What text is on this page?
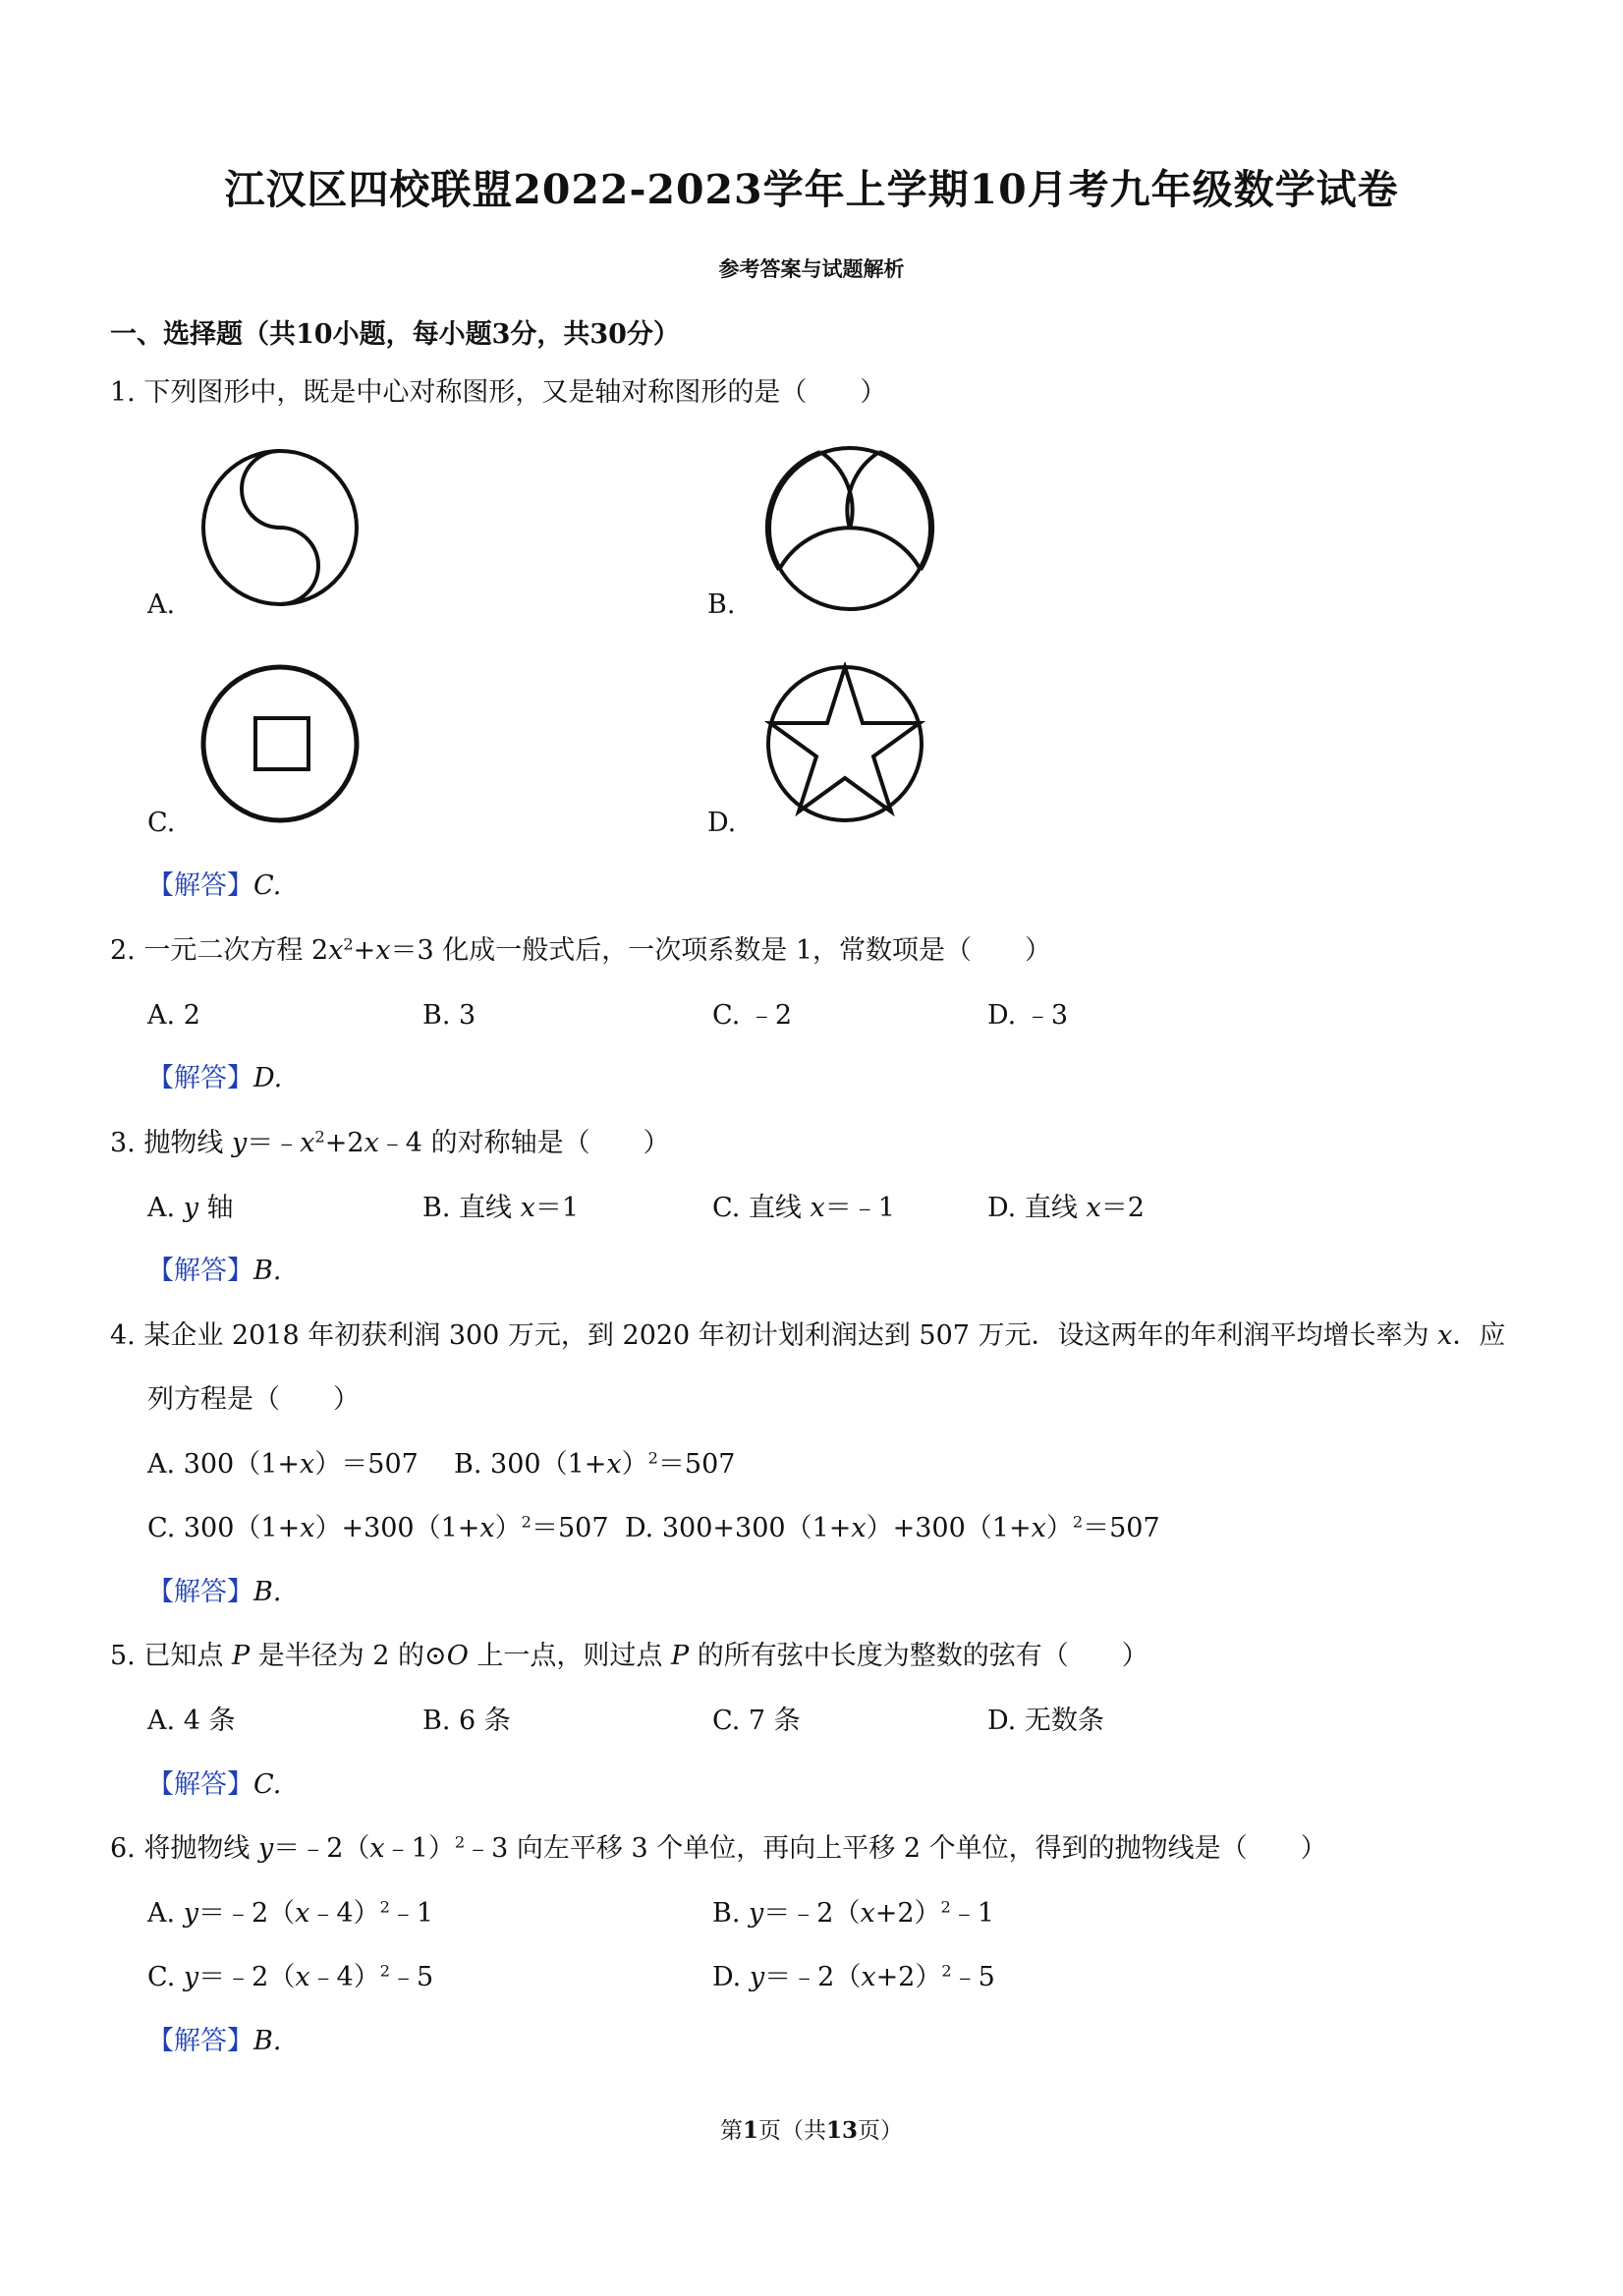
江汉区四校联盟2022-2023学年上学期10月考九年级数学试卷
参考答案与试题解析
一、选择题（共10小题，每小题3分，共30分）
1. 下列图形中，既是中心对称图形，又是轴对称图形的是（　　）
A.	B.
C.	D.
【解答】C.
2. 一元二次方程 $2x^2+x=3$ 化成一般式后，一次项系数是 1，常数项是（　　）
A. 2	B. 3	C. ﹣2	D. ﹣3
【解答】D.
3. 抛物线 $y=﹣x^2+2x﹣4$ 的对称轴是（　　）
A. y 轴	B. 直线 x＝1	C. 直线 x＝﹣1	D. 直线 x＝2
【解答】B.
4. 某企业 2018 年初获利润 300 万元，到 2020 年初计划利润达到 507 万元．设这两年的年利润平均增长率为 x．应
列方程是（　　）
A. 300（1+x）＝507 B. $300(1+x)^2=507$
C. $300(1+x)+300(1+x)^2=507$ D. $300+300(1+x)+300(1+x)^2=507$
【解答】B.
5. 已知点 P 是半径为 2 的⊙O 上一点，则过点 P 的所有弦中长度为整数的弦有（　　）
A. 4 条	B. 6 条	C. 7 条	D. 无数条
【解答】C.
6. 将抛物线 y＝﹣2（x﹣1）$^2$﹣3 向左平移 3 个单位，再向上平移 2 个单位，得到的抛物线是（　　）
A. y＝﹣2（x﹣4）$^2$﹣1	B. $y=﹣2(x+2)^2﹣1$
C. y＝﹣2（x﹣4）$^2$﹣5	D. $y=﹣2(x+2)^2﹣5$
【解答】B.
第1页（共13页）
